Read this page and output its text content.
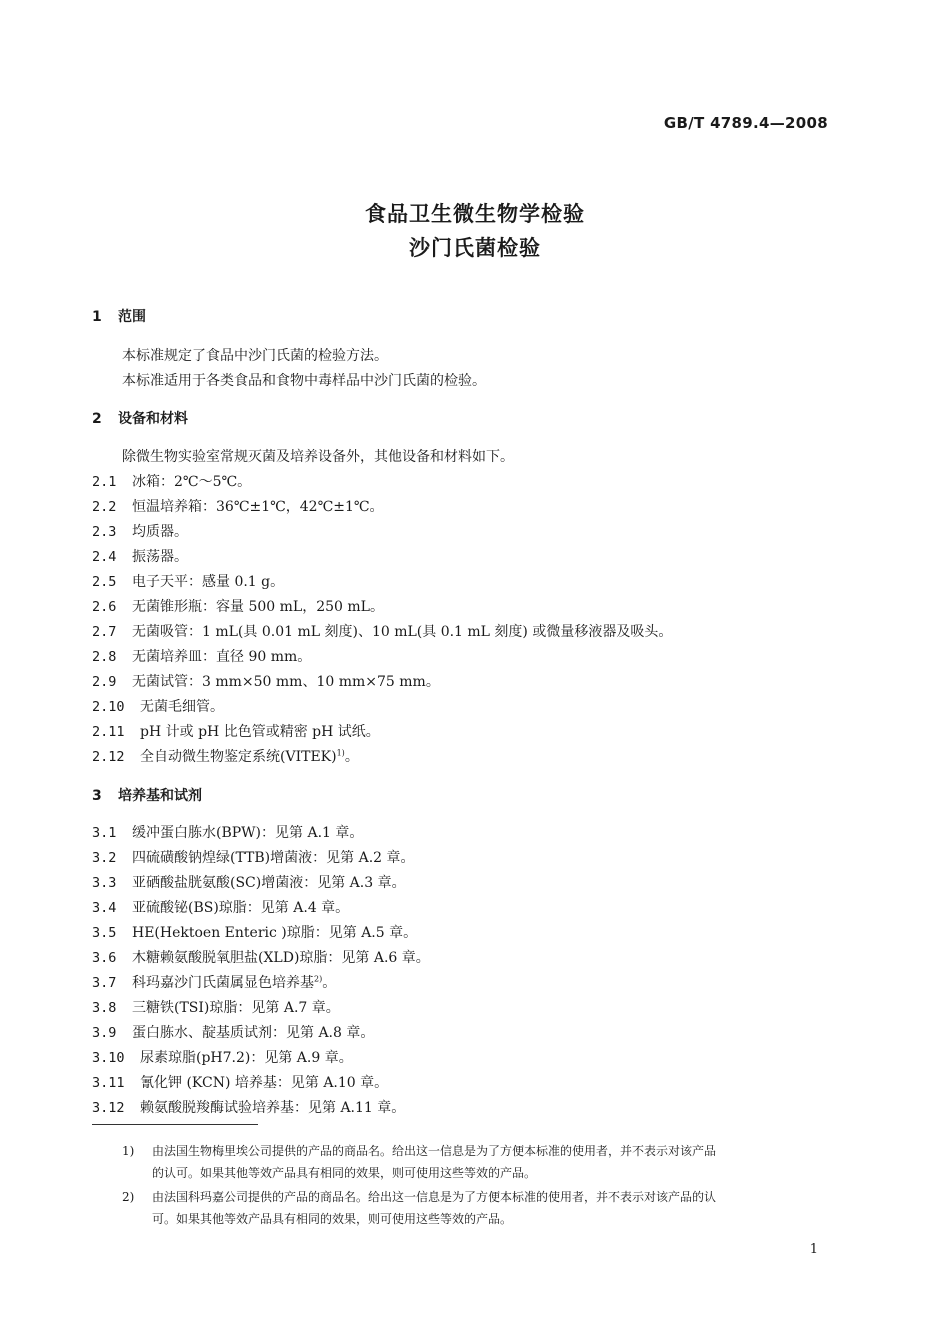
GB/T 4789.4—2008
食品卫生微生物学检验
沙门氏菌检验
1 范围
本标准规定了食品中沙门氏菌的检验方法。
本标准适用于各类食品和食物中毒样品中沙门氏菌的检验。
2 设备和材料
除微生物实验室常规灭菌及培养设备外，其他设备和材料如下。
2.1 冰箱：2℃～5℃。
2.2 恒温培养箱：36℃±1℃，42℃±1℃。
2.3 均质器。
2.4 振荡器。
2.5 电子天平：感量 0.1 g。
2.6 无菌锥形瓶：容量 500 mL，250 mL。
2.7 无菌吸管：1 mL(具 0.01 mL 刻度)、10 mL(具 0.1 mL 刻度) 或微量移液器及吸头。
2.8 无菌培养皿：直径 90 mm。
2.9 无菌试管：3 mm×50 mm、10 mm×75 mm。
2.10 无菌毛细管。
2.11 pH 计或 pH 比色管或精密 pH 试纸。
2.12 全自动微生物鉴定系统(VITEK)$^{1)}$。
3 培养基和试剂
3.1 缓冲蛋白胨水(BPW)：见第 A.1 章。
3.2 四硫磺酸钠煌绿(TTB)增菌液：见第 A.2 章。
3.3 亚硒酸盐胱氨酸(SC)增菌液：见第 A.3 章。
3.4 亚硫酸铋(BS)琼脂：见第 A.4 章。
3.5 HE(Hektoen Enteric )琼脂：见第 A.5 章。
3.6 木糖赖氨酸脱氧胆盐(XLD)琼脂：见第 A.6 章。
3.7 科玛嘉沙门氏菌属显色培养基$^{2)}$。
3.8 三糖铁(TSI)琼脂：见第 A.7 章。
3.9 蛋白胨水、靛基质试剂：见第 A.8 章。
3.10 尿素琼脂(pH7.2)：见第 A.9 章。
3.11 氰化钾 (KCN) 培养基：见第 A.10 章。
3.12 赖氨酸脱羧酶试验培养基：见第 A.11 章。
1) 由法国生物梅里埃公司提供的产品的商品名。给出这一信息是为了方便本标准的使用者，并不表示对该产品
的认可。如果其他等效产品具有相同的效果，则可使用这些等效的产品。
2) 由法国科玛嘉公司提供的产品的商品名。给出这一信息是为了方便本标准的使用者，并不表示对该产品的认
可。如果其他等效产品具有相同的效果，则可使用这些等效的产品。
1
